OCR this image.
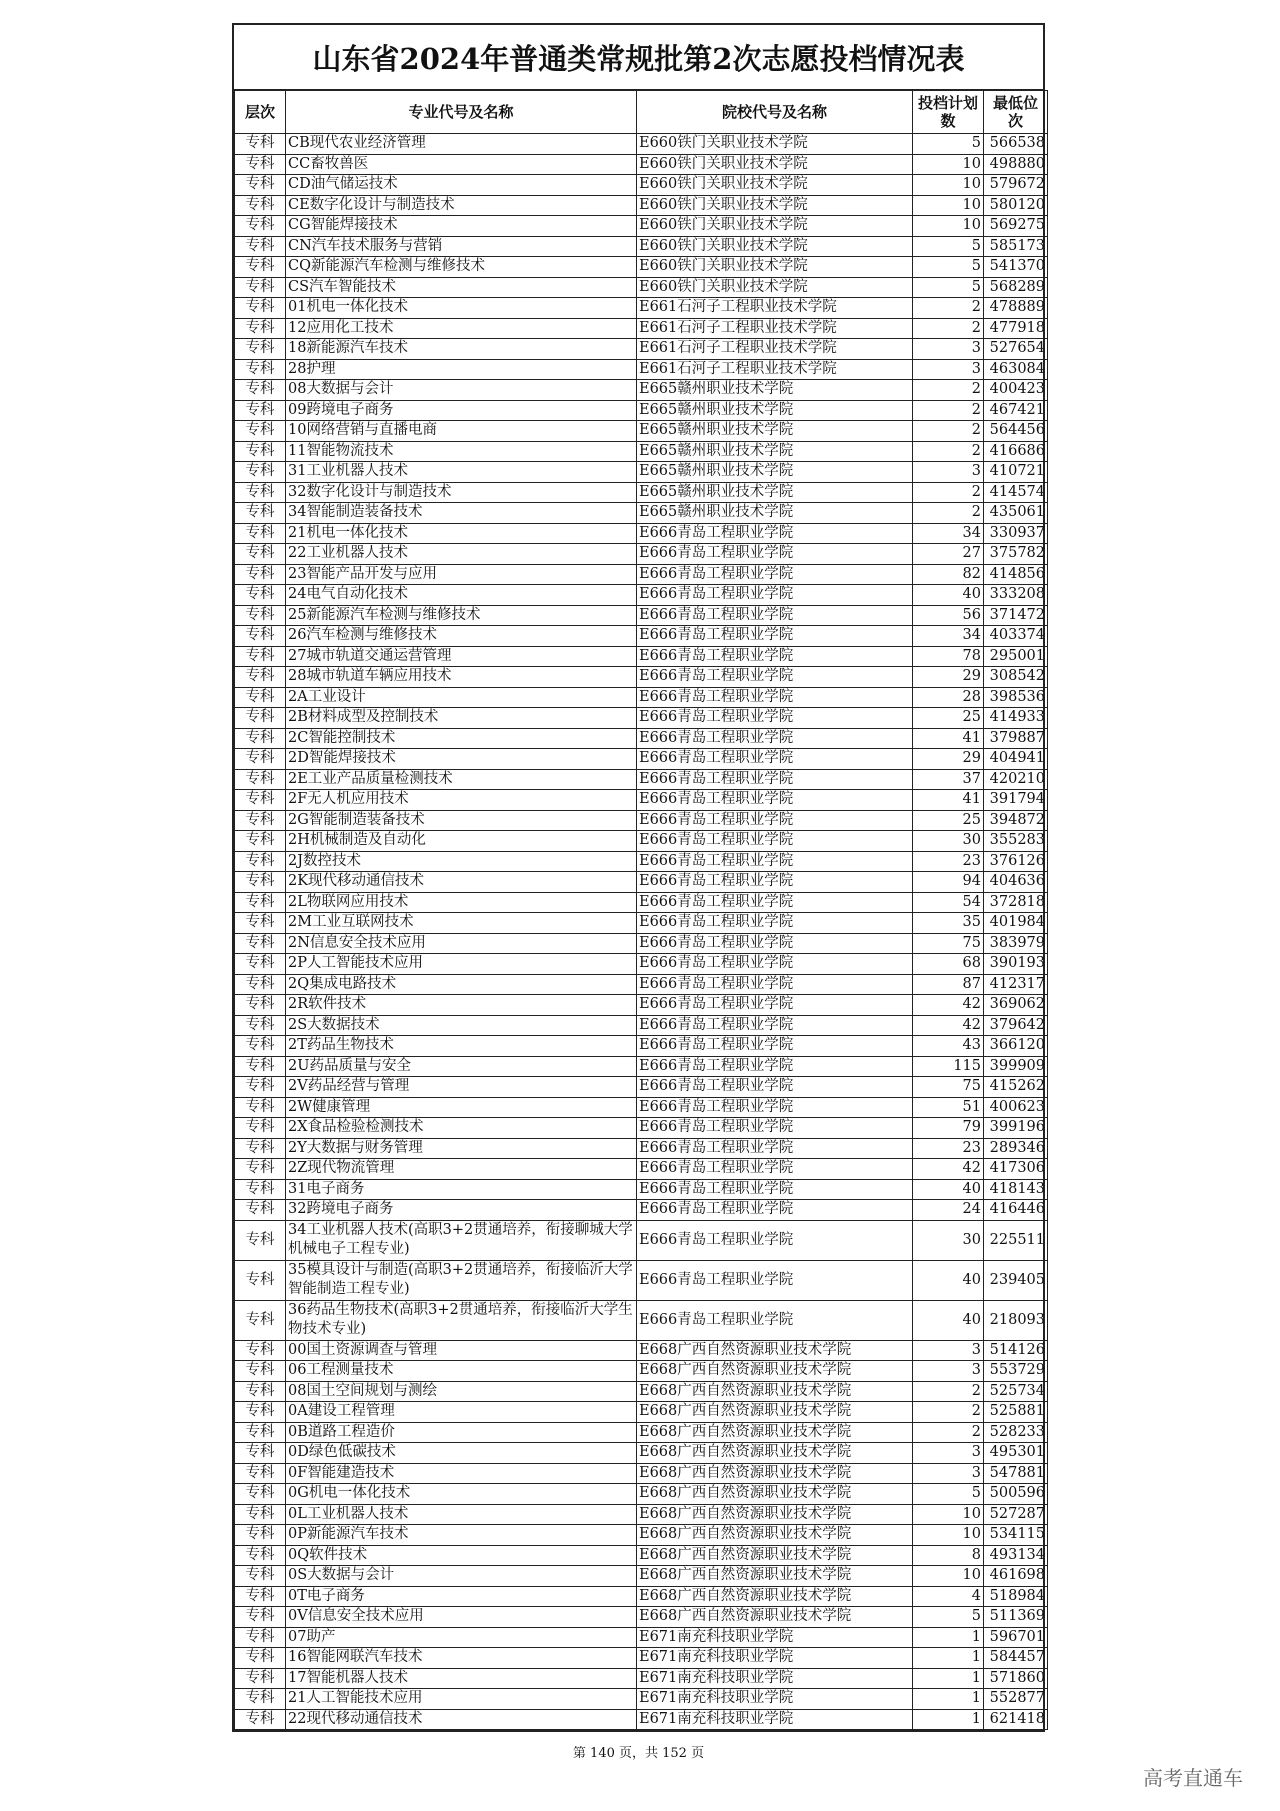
山东省2024年普通类常规批第2次志愿投档情况表
层次	专业代号及名称	院校代号及名称	投档计划数	最低位次
专科	CB现代农业经济管理	E660铁门关职业技术学院	5	566538
专科	CC畜牧兽医	E660铁门关职业技术学院	10	498880
专科	CD油气储运技术	E660铁门关职业技术学院	10	579672
专科	CE数字化设计与制造技术	E660铁门关职业技术学院	10	580120
专科	CG智能焊接技术	E660铁门关职业技术学院	10	569275
专科	CN汽车技术服务与营销	E660铁门关职业技术学院	5	585173
专科	CQ新能源汽车检测与维修技术	E660铁门关职业技术学院	5	541370
专科	CS汽车智能技术	E660铁门关职业技术学院	5	568289
专科	01机电一体化技术	E661石河子工程职业技术学院	2	478889
专科	12应用化工技术	E661石河子工程职业技术学院	2	477918
专科	18新能源汽车技术	E661石河子工程职业技术学院	3	527654
专科	28护理	E661石河子工程职业技术学院	3	463084
专科	08大数据与会计	E665赣州职业技术学院	2	400423
专科	09跨境电子商务	E665赣州职业技术学院	2	467421
专科	10网络营销与直播电商	E665赣州职业技术学院	2	564456
专科	11智能物流技术	E665赣州职业技术学院	2	416686
专科	31工业机器人技术	E665赣州职业技术学院	3	410721
专科	32数字化设计与制造技术	E665赣州职业技术学院	2	414574
专科	34智能制造装备技术	E665赣州职业技术学院	2	435061
专科	21机电一体化技术	E666青岛工程职业学院	34	330937
专科	22工业机器人技术	E666青岛工程职业学院	27	375782
专科	23智能产品开发与应用	E666青岛工程职业学院	82	414856
专科	24电气自动化技术	E666青岛工程职业学院	40	333208
专科	25新能源汽车检测与维修技术	E666青岛工程职业学院	56	371472
专科	26汽车检测与维修技术	E666青岛工程职业学院	34	403374
专科	27城市轨道交通运营管理	E666青岛工程职业学院	78	295001
专科	28城市轨道车辆应用技术	E666青岛工程职业学院	29	308542
专科	2A工业设计	E666青岛工程职业学院	28	398536
专科	2B材料成型及控制技术	E666青岛工程职业学院	25	414933
专科	2C智能控制技术	E666青岛工程职业学院	41	379887
专科	2D智能焊接技术	E666青岛工程职业学院	29	404941
专科	2E工业产品质量检测技术	E666青岛工程职业学院	37	420210
专科	2F无人机应用技术	E666青岛工程职业学院	41	391794
专科	2G智能制造装备技术	E666青岛工程职业学院	25	394872
专科	2H机械制造及自动化	E666青岛工程职业学院	30	355283
专科	2J数控技术	E666青岛工程职业学院	23	376126
专科	2K现代移动通信技术	E666青岛工程职业学院	94	404636
专科	2L物联网应用技术	E666青岛工程职业学院	54	372818
专科	2M工业互联网技术	E666青岛工程职业学院	35	401984
专科	2N信息安全技术应用	E666青岛工程职业学院	75	383979
专科	2P人工智能技术应用	E666青岛工程职业学院	68	390193
专科	2Q集成电路技术	E666青岛工程职业学院	87	412317
专科	2R软件技术	E666青岛工程职业学院	42	369062
专科	2S大数据技术	E666青岛工程职业学院	42	379642
专科	2T药品生物技术	E666青岛工程职业学院	43	366120
专科	2U药品质量与安全	E666青岛工程职业学院	115	399909
专科	2V药品经营与管理	E666青岛工程职业学院	75	415262
专科	2W健康管理	E666青岛工程职业学院	51	400623
专科	2X食品检验检测技术	E666青岛工程职业学院	79	399196
专科	2Y大数据与财务管理	E666青岛工程职业学院	23	289346
专科	2Z现代物流管理	E666青岛工程职业学院	42	417306
专科	31电子商务	E666青岛工程职业学院	40	418143
专科	32跨境电子商务	E666青岛工程职业学院	24	416446
专科	34工业机器人技术(高职3+2贯通培养，衔接聊城大学机械电子工程专业)	E666青岛工程职业学院	30	225511
专科	35模具设计与制造(高职3+2贯通培养，衔接临沂大学智能制造工程专业)	E666青岛工程职业学院	40	239405
专科	36药品生物技术(高职3+2贯通培养，衔接临沂大学生物技术专业)	E666青岛工程职业学院	40	218093
专科	00国土资源调查与管理	E668广西自然资源职业技术学院	3	514126
专科	06工程测量技术	E668广西自然资源职业技术学院	3	553729
专科	08国土空间规划与测绘	E668广西自然资源职业技术学院	2	525734
专科	0A建设工程管理	E668广西自然资源职业技术学院	2	525881
专科	0B道路工程造价	E668广西自然资源职业技术学院	2	528233
专科	0D绿色低碳技术	E668广西自然资源职业技术学院	3	495301
专科	0F智能建造技术	E668广西自然资源职业技术学院	3	547881
专科	0G机电一体化技术	E668广西自然资源职业技术学院	5	500596
专科	0L工业机器人技术	E668广西自然资源职业技术学院	10	527287
专科	0P新能源汽车技术	E668广西自然资源职业技术学院	10	534115
专科	0Q软件技术	E668广西自然资源职业技术学院	8	493134
专科	0S大数据与会计	E668广西自然资源职业技术学院	10	461698
专科	0T电子商务	E668广西自然资源职业技术学院	4	518984
专科	0V信息安全技术应用	E668广西自然资源职业技术学院	5	511369
专科	07助产	E671南充科技职业学院	1	596701
专科	16智能网联汽车技术	E671南充科技职业学院	1	584457
专科	17智能机器人技术	E671南充科技职业学院	1	571860
专科	21人工智能技术应用	E671南充科技职业学院	1	552877
专科	22现代移动通信技术	E671南充科技职业学院	1	621418
第 140 页，共 152 页
高考直通车
